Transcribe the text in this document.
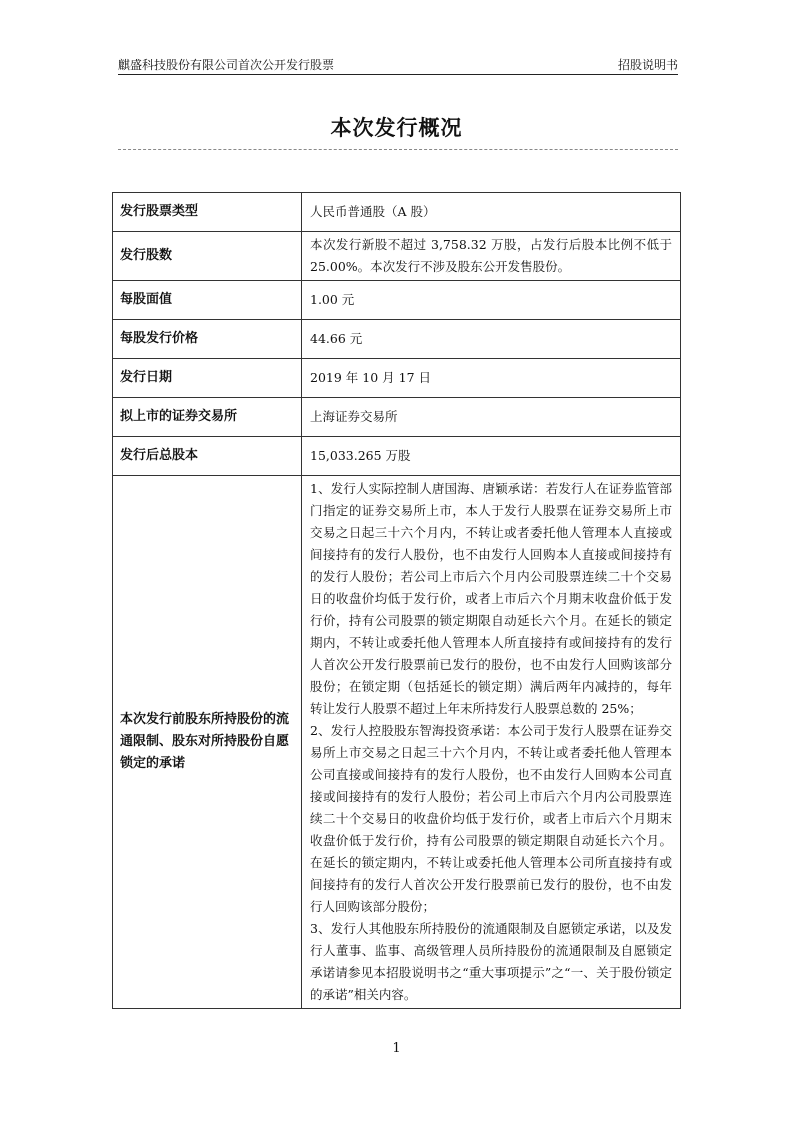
麒盛科技股份有限公司首次公开发行股票	招股说明书
本次发行概况
发行股票类型	人民币普通股（A 股）
发行股数	本次发行新股不超过 3,758.32 万股，占发行后股本比例不低于 25.00%。本次发行不涉及股东公开发售股份。

每股面值	1.00 元
每股发行价格	44.66 元
发行日期	2019 年 10 月 17 日
拟上市的证券交易所	上海证券交易所
发行后总股本	15,033.265 万股
本次发行前股东所持股份的流通限制、股东对所持股份自愿锁定的承诺	1、发行人实际控制人唐国海、唐颖承诺：若发行人在证券监管部门指定的证券交易所上市，本人于发行人股票在证券交易所上市交易之日起三十六个月内，不转让或者委托他人管理本人直接或间接持有的发行人股份，也不由发行人回购本人直接或间接持有的发行人股份；若公司上市后六个月内公司股票连续二十个交易日的收盘价均低于发行价，或者上市后六个月期末收盘价低于发行价，持有公司股票的锁定期限自动延长六个月。在延长的锁定期内，不转让或委托他人管理本人所直接持有或间接持有的发行人首次公开发行股票前已发行的股份，也不由发行人回购该部分股份；在锁定期（包括延长的锁定期）满后两年内减持的，每年转让发行人股票不超过上年末所持发行人股票总数的 25%；
2、发行人控股股东智海投资承诺：本公司于发行人股票在证券交易所上市交易之日起三十六个月内，不转让或者委托他人管理本公司直接或间接持有的发行人股份，也不由发行人回购本公司直接或间接持有的发行人股份；若公司上市后六个月内公司股票连续二十个交易日的收盘价均低于发行价，或者上市后六个月期末收盘价低于发行价，持有公司股票的锁定期限自动延长六个月。在延长的锁定期内，不转让或委托他人管理本公司所直接持有或间接持有的发行人首次公开发行股票前已发行的股份，也不由发行人回购该部分股份；
3、发行人其他股东所持股份的流通限制及自愿锁定承诺，以及发行人董事、监事、高级管理人员所持股份的流通限制及自愿锁定承诺请参见本招股说明书之“重大事项提示”之“一、关于股份锁定的承诺”相关内容。
1
